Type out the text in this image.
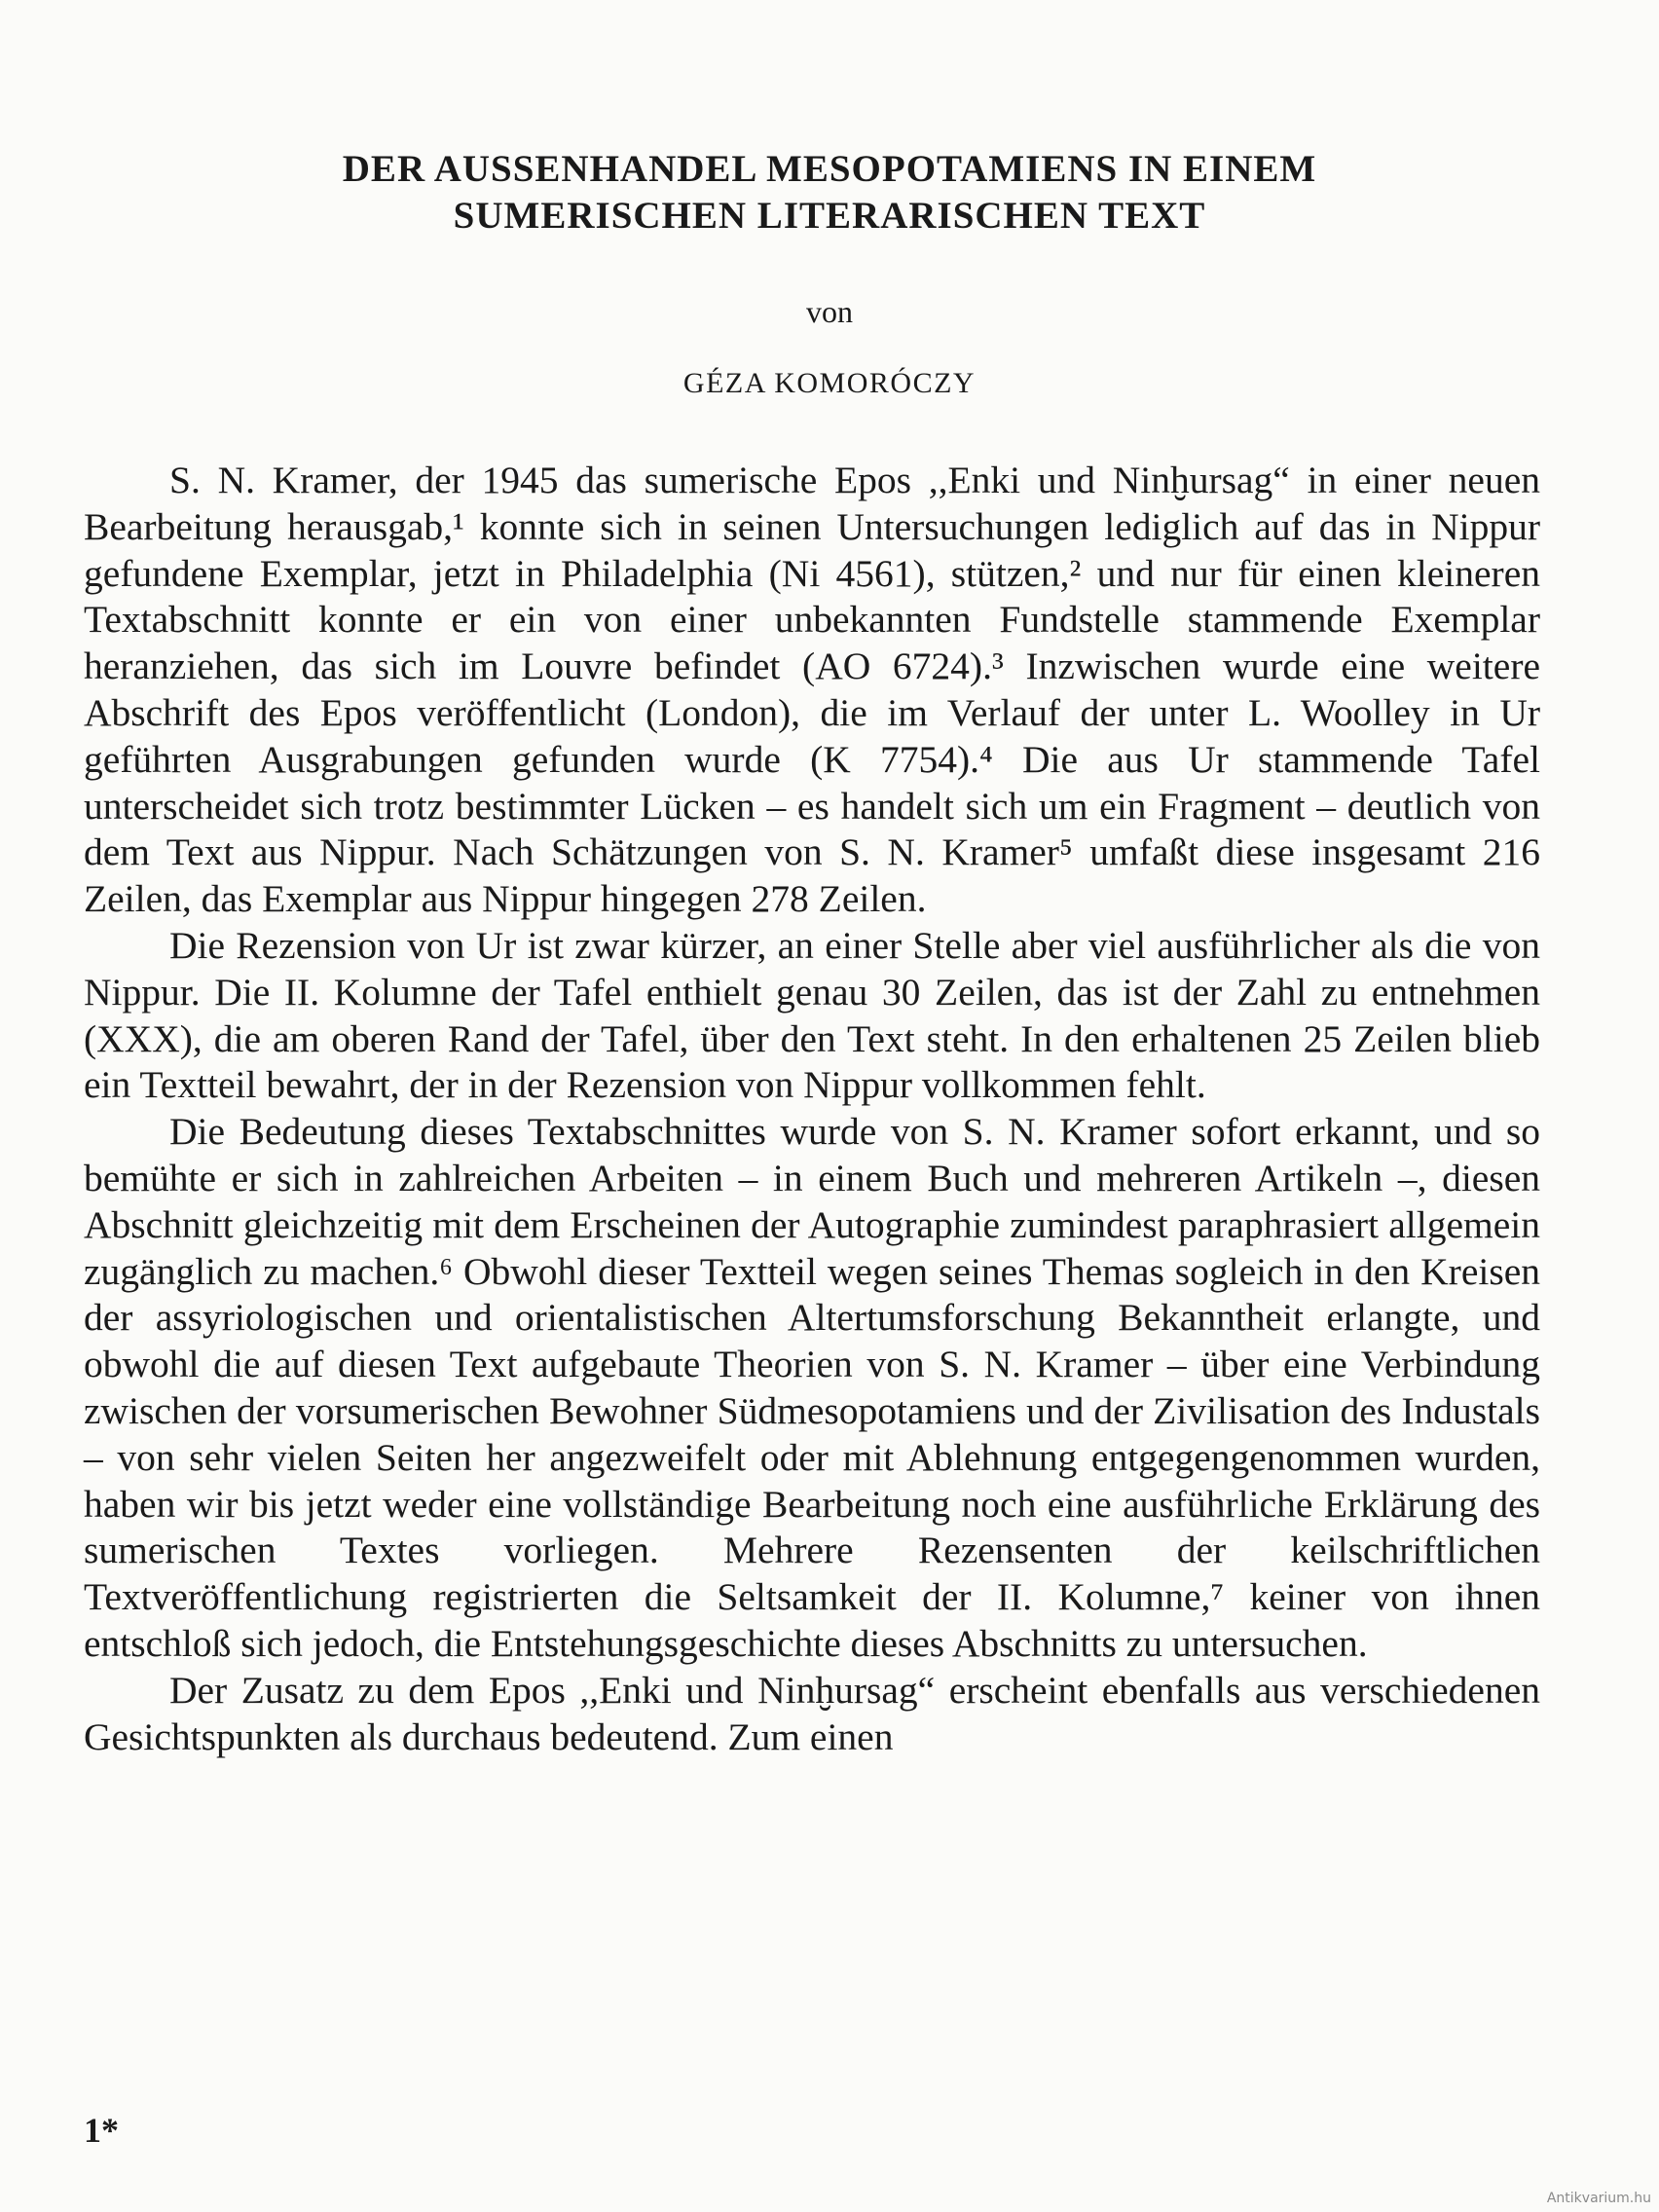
DER AUSSENHANDEL MESOPOTAMIENS IN EINEM
SUMERISCHEN LITERARISCHEN TEXT
von
GÉZA KOMORÓCZY

S. N. Kramer, der 1945 das sumerische Epos ,,Enki und Ninḫursag“ in einer neuen Bearbeitung herausgab,¹ konnte sich in seinen Untersuchungen lediglich auf das in Nippur gefundene Exemplar, jetzt in Philadelphia (Ni 4561), stützen,² und nur für einen kleineren Textabschnitt konnte er ein von einer unbekannten Fundstelle stammende Exemplar heranziehen, das sich im Louvre befindet (AO 6724).³ Inzwischen wurde eine weitere Abschrift des Epos veröffentlicht (London), die im Verlauf der unter L. Woolley in Ur geführten Ausgrabungen gefunden wurde (K 7754).⁴ Die aus Ur stammende Tafel unterscheidet sich trotz bestimmter Lücken – es handelt sich um ein Fragment – deutlich von dem Text aus Nippur. Nach Schätzungen von S. N. Kramer⁵ umfaßt diese insgesamt 216 Zeilen, das Exemplar aus Nippur hingegen 278 Zeilen.

Die Rezension von Ur ist zwar kürzer, an einer Stelle aber viel ausführlicher als die von Nippur. Die II. Kolumne der Tafel enthielt genau 30 Zeilen, das ist der Zahl zu entnehmen (XXX), die am oberen Rand der Tafel, über den Text steht. In den erhaltenen 25 Zeilen blieb ein Textteil bewahrt, der in der Rezension von Nippur vollkommen fehlt.

Die Bedeutung dieses Textabschnittes wurde von S. N. Kramer sofort erkannt, und so bemühte er sich in zahlreichen Arbeiten – in einem Buch und mehreren Artikeln –, diesen Abschnitt gleichzeitig mit dem Erscheinen der Autographie zumindest paraphrasiert allgemein zugänglich zu machen.⁶ Obwohl dieser Textteil wegen seines Themas sogleich in den Kreisen der assyriologischen und orientalistischen Altertumsforschung Bekanntheit erlangte, und obwohl die auf diesen Text aufgebaute Theorien von S. N. Kramer – über eine Verbindung zwischen der vorsumerischen Bewohner Südmesopotamiens und der Zivilisation des Industals – von sehr vielen Seiten her angezweifelt oder mit Ablehnung entgegengenommen wurden, haben wir bis jetzt weder eine vollständige Bearbeitung noch eine ausführliche Erklärung des sumerischen Textes vorliegen. Mehrere Rezensenten der keilschriftlichen Textveröffentlichung registrierten die Seltsamkeit der II. Kolumne,⁷ keiner von ihnen entschloß sich jedoch, die Entstehungsgeschichte dieses Abschnitts zu untersuchen.

Der Zusatz zu dem Epos ,,Enki und Ninḫursag“ erscheint ebenfalls aus verschiedenen Gesichtspunkten als durchaus bedeutend. Zum einen

1*
Antikvarium.hu
